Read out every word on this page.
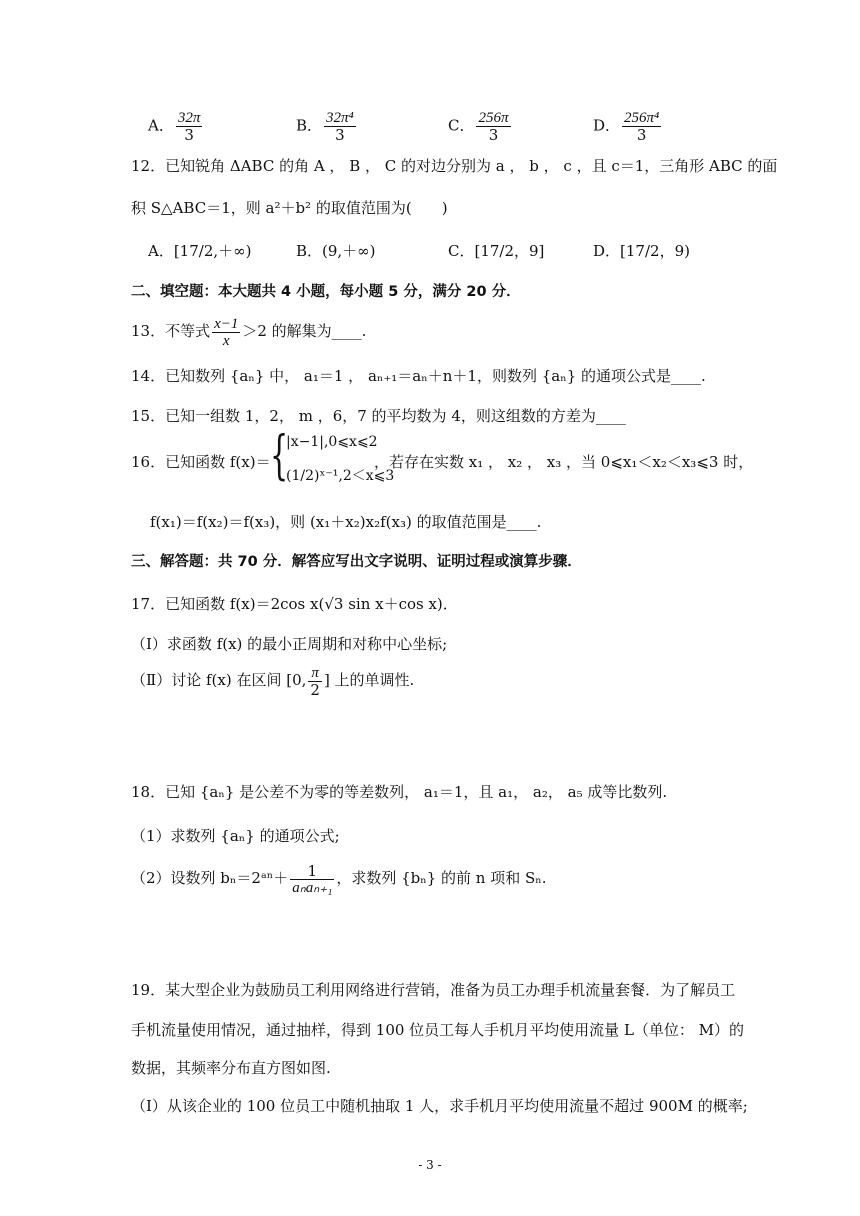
A． $\frac{32\pi}{3}$	B． $\frac{\text{32π⁴}}{3}$	C． $\frac{256\pi}{3}$	D． $\frac{\text{256π⁴}}{3}$
12．已知锐角 ΔABC 的角 A ， B ， C 的对边分别为 a ， b ， c ，且 c＝1，三角形 ABC 的面
积 S△ABC＝1，则 a²＋b² 的取值范围为(　　)
A．[17/2,＋∞)	B．(9,＋∞)	C．[17/2，9]	D．[17/2，9)
二、填空题：本大题共 4 小题，每小题 5 分，满分 20 分．
13．不等式 $\frac{x-1}{x} >2$ 的解集为____.
14．已知数列 {aₙ} 中， a₁＝1 ， aₙ₊₁＝aₙ＋n＋1，则数列 {aₙ} 的通项公式是____.
15．已知一组数 1，2， m ，6，7 的平均数为 4，则这组数的方差为____
16．已知函数 f(x)＝ {
|x−1|,0⩽x⩽2
(1/2)ˣ⁻¹,2＜x⩽3
，若存在实数 x₁ ， x₂ ， x₃ ，当 0⩽x₁＜x₂＜x₃⩽3 时，
f(x₁)＝f(x₂)＝f(x₃)，则 (x₁＋x₂)x₂f(x₃) 的取值范围是____.
三、解答题：共 70 分．解答应写出文字说明、证明过程或演算步骤．
17．已知函数 f(x)＝2cos x(√3 sin x＋cos x)．
（Ⅰ）求函数 f(x) 的最小正周期和对称中心坐标;
（Ⅱ）讨论 f(x) 在区间 [0, $\frac{\pi}{2}$ ] 上的单调性.
18．已知 {aₙ} 是公差不为零的等差数列， a₁＝1，且 a₁， a₂， a₅ 成等比数列.
（1）求数列 {aₙ} 的通项公式;
（2）设数列 bₙ＝2ᵃⁿ＋ $\frac{1}{\text{aₙaₙ₊₁}}$ ，求数列 {bₙ} 的前 n 项和 Sₙ.
19．某大型企业为鼓励员工利用网络进行营销，准备为员工办理手机流量套餐．为了解员工
手机流量使用情况，通过抽样，得到 100 位员工每人手机月平均使用流量 L（单位： M）的
数据，其频率分布直方图如图.
（Ⅰ）从该企业的 100 位员工中随机抽取 1 人，求手机月平均使用流量不超过 900M 的概率;
- 3 -
